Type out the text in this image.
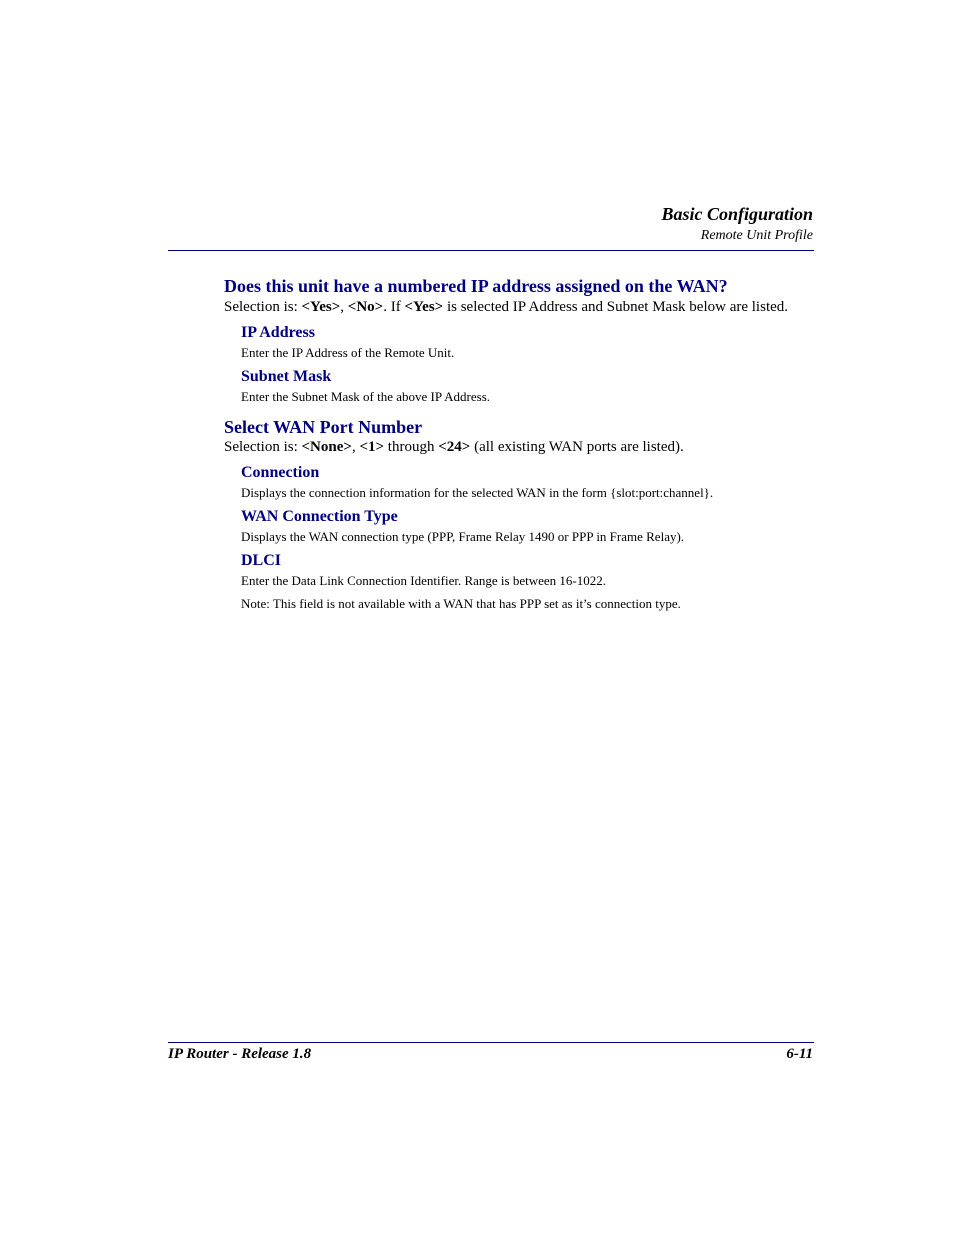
Basic Configuration
Remote Unit Profile
Does this unit have a numbered IP address assigned on the WAN?
Selection is: <Yes>, <No>. If <Yes> is selected IP Address and Subnet Mask below are listed.
IP Address
Enter the IP Address of the Remote Unit.
Subnet Mask
Enter the Subnet Mask of the above IP Address.
Select WAN Port Number
Selection is: <None>, <1> through <24> (all existing WAN ports are listed).
Connection
Displays the connection information for the selected WAN in the form {slot:port:channel}.
WAN Connection Type
Displays the WAN connection type (PPP, Frame Relay 1490 or PPP in Frame Relay).
DLCI
Enter the Data Link Connection Identifier. Range is between 16-1022.
Note: This field is not available with a WAN that has PPP set as it’s connection type.
IP Router - Release 1.8	6-11
